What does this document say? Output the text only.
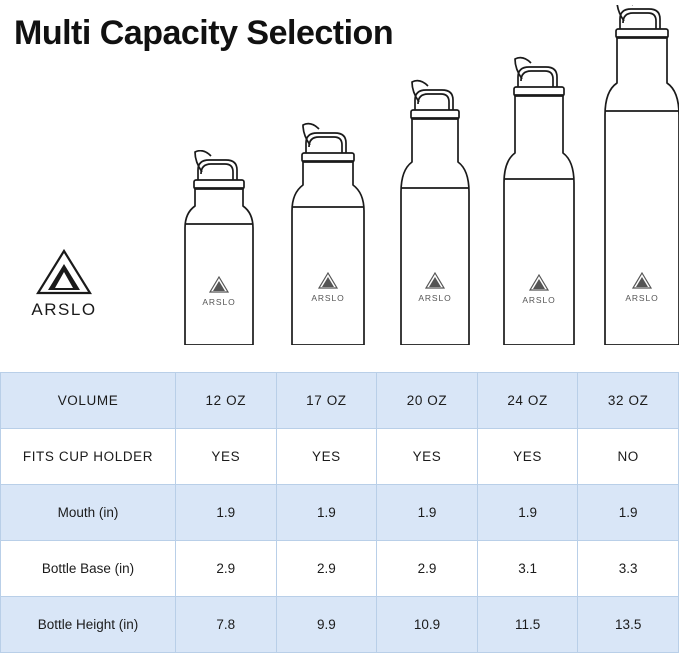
Multi Capacity Selection
ARSLO	ARSLO	ARSLO	ARSLO	ARSLO	ARSLO
VOLUME	12 OZ	17 OZ	20 OZ	24 OZ	32 OZ
FITS CUP HOLDER	YES	YES	YES	YES	NO
Mouth (in)	1.9	1.9	1.9	1.9	1.9
Bottle Base (in)	2.9	2.9	2.9	3.1	3.3
Bottle Height (in)	7.8	9.9	10.9	11.5	13.5
